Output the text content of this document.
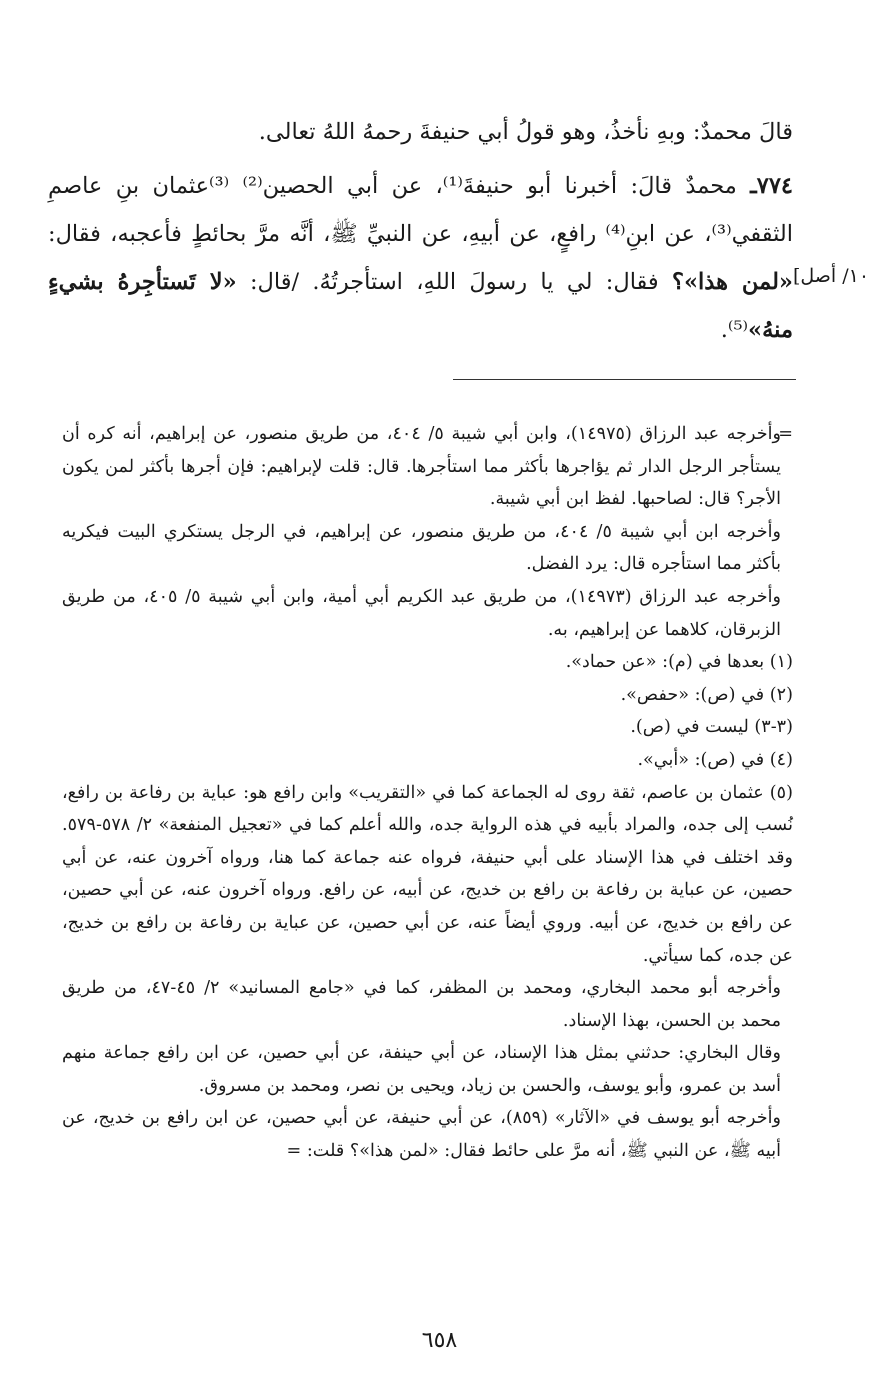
قالَ محمدٌ: وبهِ نأخذُ، وهو قولُ أبي حنيفةَ رحمهُ اللهُ تعالى.

٧٧٤ـ محمدٌ قالَ: أخبرنا أبو حنيفةَ⁽¹⁾، عن أبي الحصين⁽²⁾ ⁽³⁾عثمان بنِ عاصمِ الثقفي⁽³⁾، عن ابنِ⁽⁴⁾ رافعٍ، عن أبيهِ، عن النبيِّ ﷺ، أنَّه مرَّ بحائطٍ فأعجبه، فقال: «لمن هذا»؟ فقال: لي يا رسولَ اللهِ، استأجرتُهُ. /قال: «لا تَستأجِرهُ بشيءٍ منهُ»⁽⁵⁾.

١٠/ أصل]

=وأخرجه عبد الرزاق (١٤٩٧٥)، وابن أبي شيبة ٥/ ٤٠٤، من طريق منصور، عن إبراهيم، أنه كره أن يستأجر الرجل الدار ثم يؤاجرها بأكثر مما استأجرها. قال: قلت لإبراهيم: فإن أجرها بأكثر لمن يكون الأجر؟ قال: لصاحبها. لفظ ابن أبي شيبة.

وأخرجه ابن أبي شيبة ٥/ ٤٠٤، من طريق منصور، عن إبراهيم، في الرجل يستكري البيت فيكريه بأكثر مما استأجره قال: يرد الفضل.

وأخرجه عبد الرزاق (١٤٩٧٣)، من طريق عبد الكريم أبي أمية، وابن أبي شيبة ٥/ ٤٠٥، من طريق الزبرقان، كلاهما عن إبراهيم، به.

(١) بعدها في (م): «عن حماد».

(٢) في (ص): «حفص».

(٣-٣) ليست في (ص).

(٤) في (ص): «أبي».

(٥) عثمان بن عاصم، ثقة روى له الجماعة كما في «التقريب» وابن رافع هو: عباية بن رفاعة بن رافع، نُسب إلى جده، والمراد بأبيه في هذه الرواية جده، والله أعلم كما في «تعجيل المنفعة» ٢/ ٥٧٨-٥٧٩. وقد اختلف في هذا الإسناد على أبي حنيفة، فرواه عنه جماعة كما هنا، ورواه آخرون عنه، عن أبي حصين، عن عباية بن رفاعة بن رافع بن خديج، عن أبيه، عن رافع. ورواه آخرون عنه، عن أبي حصين، عن رافع بن خديج، عن أبيه. وروي أيضاً عنه، عن أبي حصين، عن عباية بن رفاعة بن رافع بن خديج، عن جده، كما سيأتي.

وأخرجه أبو محمد البخاري، ومحمد بن المظفر، كما في «جامع المسانيد» ٢/ ٤٥-٤٧، من طريق محمد بن الحسن، بهذا الإسناد.

وقال البخاري: حدثني بمثل هذا الإسناد، عن أبي حينفة، عن أبي حصين، عن ابن رافع جماعة منهم أسد بن عمرو، وأبو يوسف، والحسن بن زياد، ويحيى بن نصر، ومحمد بن مسروق.

وأخرجه أبو يوسف في «الآثار» (٨٥٩)، عن أبي حنيفة، عن أبي حصين، عن ابن رافع بن خديج، عن أبيه ﷺ، عن النبي ﷺ، أنه مرَّ على حائط فقال: «لمن هذا»؟ قلت: =

٦٥٨
